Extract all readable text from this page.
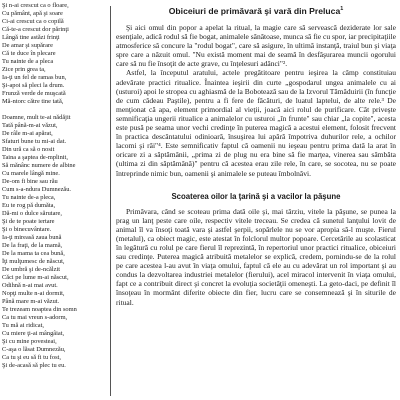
Şi n-ai crescut ca o floare,
Cu pământ, apă şi soare
Ci-ai crescut ca o copilă
Că-te-a crescut dor părinţi
Lângă tine astăzi frinţi
De amar şi supărare
Că te duce în plecare
Tu nainte de a pleca
Zice prin grea ta,
Ia-ţi un fel de ramas bun,
Şi-apoi să pleci la drum.
Frunză verde de muşcată
Mă-ntorc către tine tată,
Doamne, mult te-ai nădăjit
Tată până-m-ai văzut,
De râle m-ai apărat,
Sfaturi bune tu mi-ai dat.
Din ură ca să o nosit
Taina a şaptea de-mplinit,
Să mănânc numere de albine
Cu marele lângă mine.
De-om fi bine sau rău
Cum s-a-ndura Dumnezău.
Tu nainte de-a pleca,
Eu te rog pă dumăta,
Dă-mi o dulce sărutare,
Şi de te poate iertare
Şi o binecuvântare.
Ia-ţi mireasă zaua bună
De la fraţi, de la mamă,
De la mama ta cea bună,
Îţi mulţumesc de născut,
De umbră şi de-ncălzit
Căci pe lume m-ai născut,
Odihnă n-ai mai avut.
Nopţi multe n-ai dormit,
Până mare m-ai văzut.
Te trezeam noaptea din somn
Ca tu mai vreun s-adorm,
Tu mă ai ridicat,
Cu miere ţi-ai mângâiat,
Şi cu mine povesteai,
C-aşa o lăsat Dumnezău,
Ca tu şi eu să fi tu fost,
Şi de-acasă să plec tu eu.
Obiceiuri de primăvară şi vară din Preluca$^1$

Şi aici omul din popor a apelat la ritual, la magie care să servească deziderate lor sale esenţiale, adică rodul să fie bogat, animalele sănătoase, munca să fie cu spor, iar precipitaţiile atmosferice să concure la "rodul bogat", care să asigure, în ultimă instanţă, traiul bun şi viaţa spre care a năzuit omul. "Nu există moment mai de seamă în desfăşurarea muncii ogorului care să nu fie însoţit de acte grave, cu înţelesuri adânci"².

Astfel, la începutul aratului, actele pregătitoare pentru ieşirea la câmp constituiau adevărate practici ritualice. Înaintea ieşirii din curte „gospodarul ungea animalele cu ai (usturoi) apoi le stropea cu aghiasmă de la Bobotează sau de la Izvorul Tămăduirii (în funcţie de cum cădeau Paştile), pentru a fi fere de făcături, de luatul laptelui, de alte rele.³ De menţionat că apa, element primordial al vieţii, joacă aici rolul de purificare. Cât priveşte semnificaţia ungerii ritualice a animalelor cu usturoi „în frunte" sau chiar „la copite", acesta este pusă pe seama unor vechi credinţe în puterea magică a acestui element, folosit frecvent în practica descântatului odinioară, însuşirea lui apără împotriva duhurilor rele, a ochilor lacomi şi răi"⁴. Este semnificativ faptul că oamenii nu ieşeau pentru prima dată la arat în oricare zi a săptămânii, „prima zi de plug nu era bine să fie marţea, vinerea sau sâmbăta (ultima zi din săptămână)" pentru că acestea erau zile rele, în care, se socotea, nu se poate întreprinde nimic bun, oamenii şi animalele se puteau îmbolnăvi.

Scoaterea oilor la ţarină şi a vacilor la păşune

Primăvara, când se scoteau prima dată oile şi, mai târziu, vitele la păşune, se punea la prag un lanţ peste care oile, respectiv vitele treceau. Se credea că sunetul lanţului lovit de animal îl va însoţi toată vara şi astfel şerpii, sopârlele nu se vor apropia să-l muşte. Fierul (metalul), ca obiect magic, este atestat în folclorul multor popoare. Cercetările au scolasticat în legătură cu rolul pe care fierul îl reprezintă, în repertoriul unor practici ritualice, obiceiuri sau credinţe. Puterea magică atribuită metalelor se explică, credem, pornindu-se de la rolul pe care acestea l-au avut în viaţa omului, faptul că ele au cu adevărat un rol important şi au condus la dezvoltarea industriei metalelor (fierului), acel miracol intervenit în viaţa omului, fapt ce a contribuit direct şi concret la evoluţia societăţii omeneşti. La geto-daci, pe definit îl însoţeau în mormânt diferite obiecte din fier, lucru care se consemnează şi în siturile de ritual.
